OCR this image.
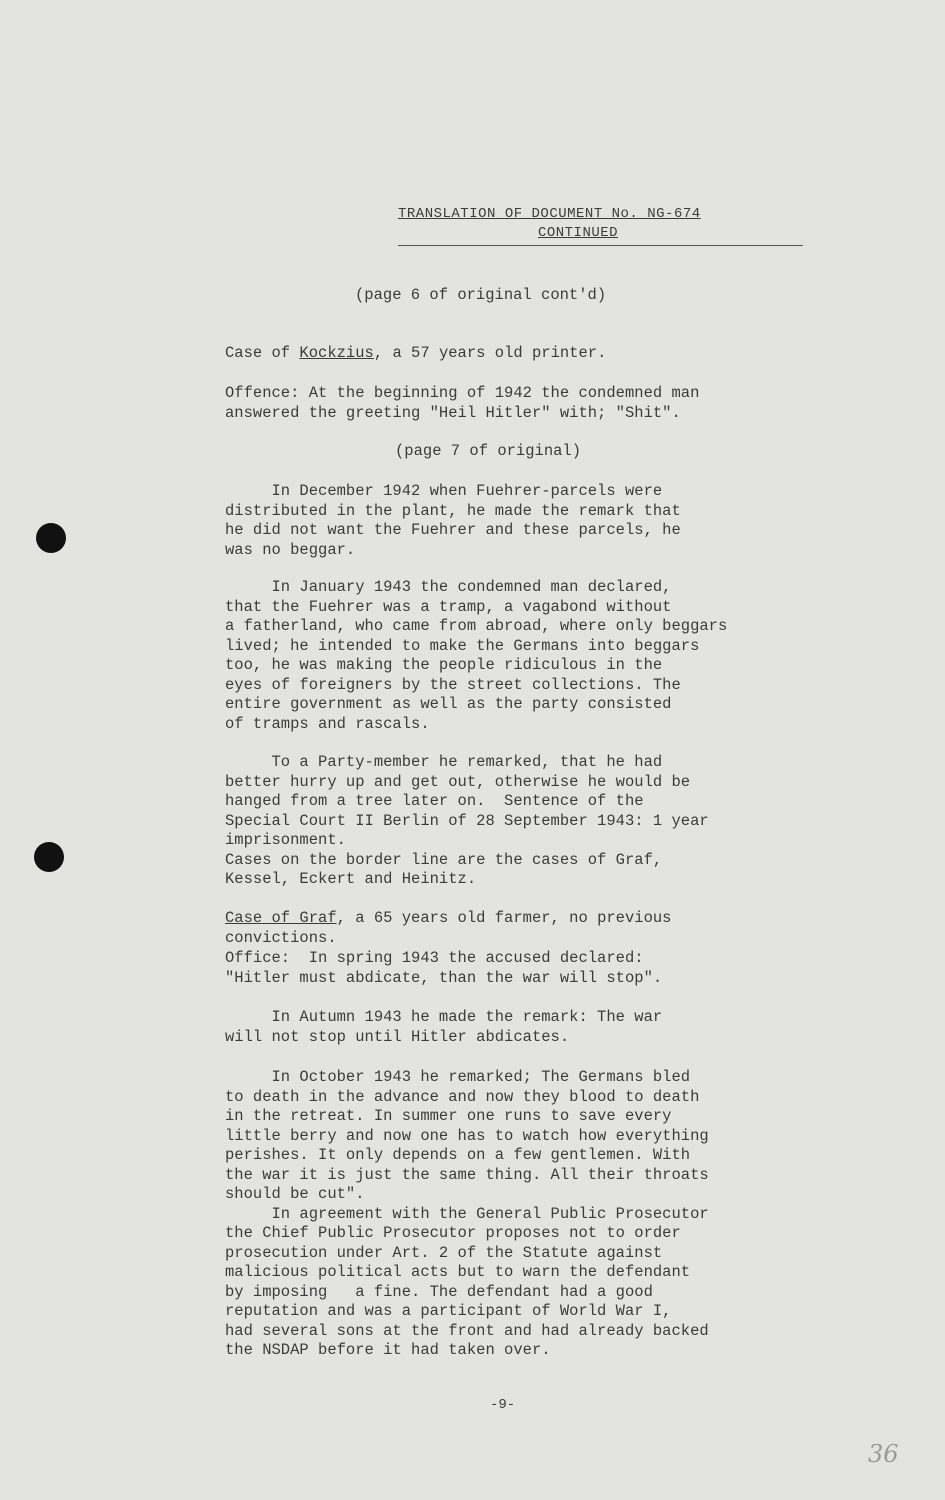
TRANSLATION OF DOCUMENT No. NG-674
CONTINUED
(page 6 of original cont'd)
Case of Kockzius, a 57 years old printer.
Offence: At the beginning of 1942 the condemned man
answered the greeting "Heil Hitler" with; "Shit".
(page 7 of original)
In December 1942 when Fuehrer-parcels were
distributed in the plant, he made the remark that
he did not want the Fuehrer and these parcels, he
was no beggar.
In January 1943 the condemned man declared,
that the Fuehrer was a tramp, a vagabond without
a fatherland, who came from abroad, where only beggars
lived; he intended to make the Germans into beggars
too, he was making the people ridiculous in the
eyes of foreigners by the street collections. The
entire government as well as the party consisted
of tramps and rascals.
To a Party-member he remarked, that he had
better hurry up and get out, otherwise he would be
hanged from a tree later on.  Sentence of the
Special Court II Berlin of 28 September 1943: 1 year
imprisonment.
Cases on the border line are the cases of Graf,
Kessel, Eckert and Heinitz.
Case of Graf, a 65 years old farmer, no previous
convictions.
Office:  In spring 1943 the accused declared:
"Hitler must abdicate, than the war will stop".
In Autumn 1943 he made the remark: The war
will not stop until Hitler abdicates.
In October 1943 he remarked; The Germans bled
to death in the advance and now they blood to death
in the retreat. In summer one runs to save every
little berry and now one has to watch how everything
perishes. It only depends on a few gentlemen. With
the war it is just the same thing. All their throats
should be cut".
In agreement with the General Public Prosecutor
the Chief Public Prosecutor proposes not to order
prosecution under Art. 2 of the Statute against
malicious political acts but to warn the defendant
by imposing   a fine. The defendant had a good
reputation and was a participant of World War I,
had several sons at the front and had already backed
the NSDAP before it had taken over.
-9-
36
